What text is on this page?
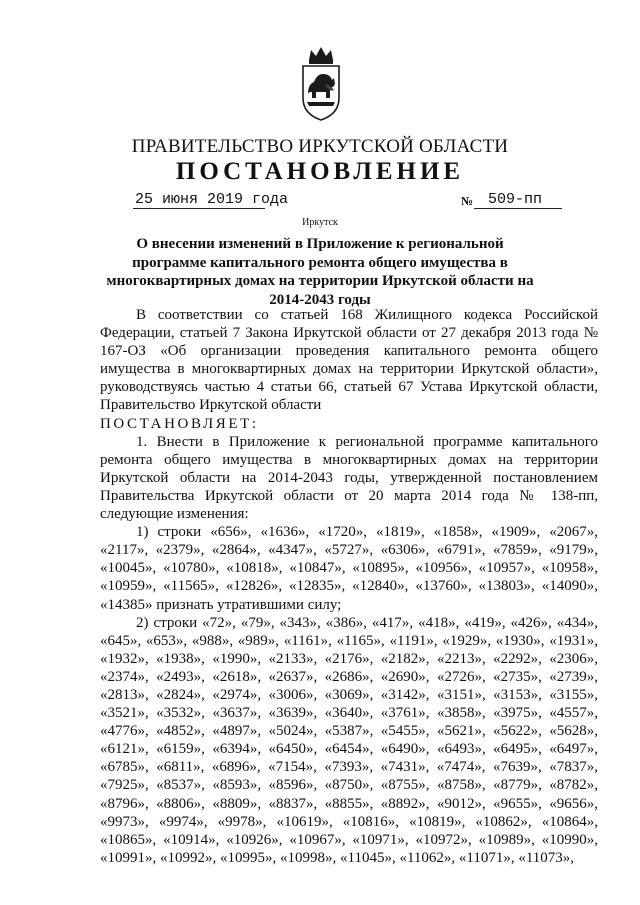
ПРАВИТЕЛЬСТВО ИРКУТСКОЙ ОБЛАСТИ
ПОСТАНОВЛЕНИЕ
25 июня 2019 года	№ 509-пп
Иркутск
О внесении изменений в Приложение к региональной программе капитального ремонта общего имущества в многоквартирных домах на территории Иркутской области на 2014-2043 годы

В соответствии со статьей 168 Жилищного кодекса Российской Федерации, статьей 7 Закона Иркутской области от 27 декабря 2013 года № 167-ОЗ «Об организации проведения капитального ремонта общего имущества в многоквартирных домах на территории Иркутской области», руководствуясь частью 4 статьи 66, статьей 67 Устава Иркутской области, Правительство Иркутской области

ПОСТАНОВЛЯЕТ:

1. Внести в Приложение к региональной программе капитального ремонта общего имущества в многоквартирных домах на территории Иркутской области на 2014-2043 годы, утвержденной постановлением Правительства Иркутской области от 20 марта 2014 года № 138-пп, следующие изменения:

1) строки «656», «1636», «1720», «1819», «1858», «1909», «2067», «2117», «2379», «2864», «4347», «5727», «6306», «6791», «7859», «9179», «10045», «10780», «10818», «10847», «10895», «10956», «10957», «10958», «10959», «11565», «12826», «12835», «12840», «13760», «13803», «14090», «14385» признать утратившими силу;

2) строки «72», «79», «343», «386», «417», «418», «419», «426», «434», «645», «653», «988», «989», «1161», «1165», «1191», «1929», «1930», «1931», «1932», «1938», «1990», «2133», «2176», «2182», «2213», «2292», «2306», «2374», «2493», «2618», «2637», «2686», «2690», «2726», «2735», «2739», «2813», «2824», «2974», «3006», «3069», «3142», «3151», «3153», «3155», «3521», «3532», «3637», «3639», «3640», «3761», «3858», «3975», «4557», «4776», «4852», «4897», «5024», «5387», «5455», «5621», «5622», «5628», «6121», «6159», «6394», «6450», «6454», «6490», «6493», «6495», «6497», «6785», «6811», «6896», «7154», «7393», «7431», «7474», «7639», «7837», «7925», «8537», «8593», «8596», «8750», «8755», «8758», «8779», «8782», «8796», «8806», «8809», «8837», «8855», «8892», «9012», «9655», «9656», «9973», «9974», «9978», «10619», «10816», «10819», «10862», «10864», «10865», «10914», «10926», «10967», «10971», «10972», «10989», «10990», «10991», «10992», «10995», «10998», «11045», «11062», «11071», «11073»,
